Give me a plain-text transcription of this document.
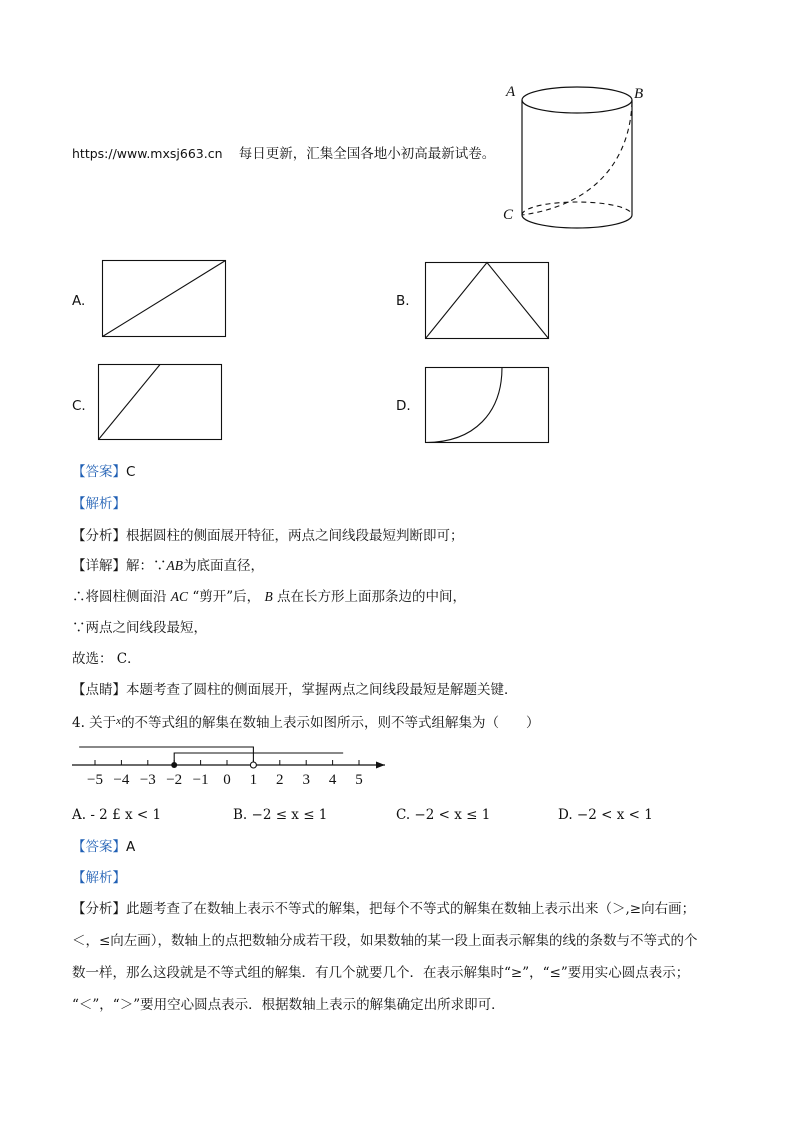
https://www.mxsj663.cn 每日更新，汇集全国各地小初高最新试卷。
A	B
C
A.	B.
C.	D.
【答案】C
【解析】
【分析】根据圆柱的侧面展开特征，两点之间线段最短判断即可；
【详解】解：∵AB为底面直径，
∴将圆柱侧面沿 AC “剪开”后， B 点在长方形上面那条边的中间，
∵两点之间线段最短，
故选： C．
【点睛】本题考查了圆柱的侧面展开，掌握两点之间线段最短是解题关键．
4. 关于$^x$的不等式组的解集在数轴上表示如图所示，则不等式组解集为（　　）
−5 −4 −3 −2 −1 0 1 2 3 4 5
A. ‑ 2 £ x < 1	B. −2 ≤ x ≤ 1	C. −2 < x ≤ 1	D. −2 < x < 1
【答案】A
【解析】
【分析】此题考查了在数轴上表示不等式的解集，把每个不等式的解集在数轴上表示出来（＞,≥向右画；
＜，≤向左画），数轴上的点把数轴分成若干段，如果数轴的某一段上面表示解集的线的条数与不等式的个
数一样，那么这段就是不等式组的解集．有几个就要几个．在表示解集时“≥”，“≤”要用实心圆点表示；
“＜”，“＞”要用空心圆点表示．根据数轴上表示的解集确定出所求即可．
